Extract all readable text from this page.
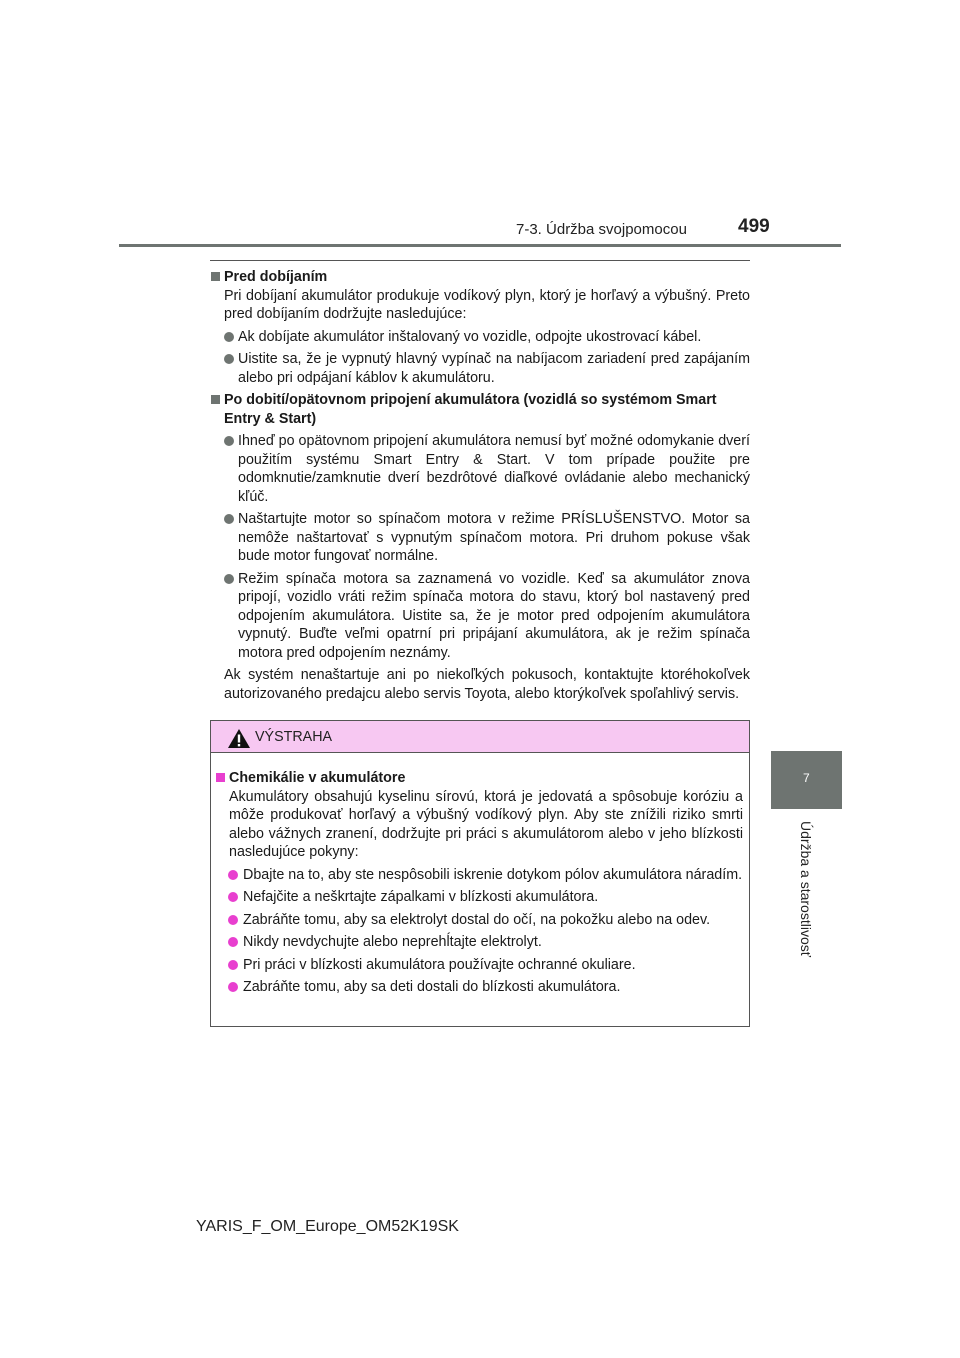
7-3. Údržba svojpomocou	499
7
Údržba a starostlivosť
Pred dobíjaním
Pri dobíjaní akumulátor produkuje vodíkový plyn, ktorý je horľavý a výbušný. Preto pred dobíjaním dodržujte nasledujúce:
Ak dobíjate akumulátor inštalovaný vo vozidle, odpojte ukostrovací kábel.
Uistite sa, že je vypnutý hlavný vypínač na nabíjacom zariadení pred zapájaním alebo pri odpájaní káblov k akumulátoru.
Po dobití/opätovnom pripojení akumulátora (vozidlá so systémom Smart Entry & Start)
Ihneď po opätovnom pripojení akumulátora nemusí byť možné odomykanie dverí použitím systému Smart Entry & Start. V tom prípade použite pre odomknutie/zamknutie dverí bezdrôtové diaľkové ovládanie alebo mechanický kľúč.
Naštartujte motor so spínačom motora v režime PRÍSLUŠENSTVO. Motor sa nemôže naštartovať s vypnutým spínačom motora. Pri druhom pokuse však bude motor fungovať normálne.
Režim spínača motora sa zaznamená vo vozidle. Keď sa akumulátor znova pripojí, vozidlo vráti režim spínača motora do stavu, ktorý bol nastavený pred odpojením akumulátora. Uistite sa, že je motor pred odpojením akumulátora vypnutý. Buďte veľmi opatrní pri pripájaní akumulátora, ak je režim spínača motora pred odpojením neznámy.
Ak systém nenaštartuje ani po niekoľkých pokusoch, kontaktujte ktoréhokoľvek autorizovaného predajcu alebo servis Toyota, alebo ktorýkoľvek spoľahlivý servis.
VÝSTRAHA
Chemikálie v akumulátore
Akumulátory obsahujú kyselinu sírovú, ktorá je jedovatá a spôsobuje koróziu a môže produkovať horľavý a výbušný vodíkový plyn. Aby ste znížili riziko smrti alebo vážnych zranení, dodržujte pri práci s akumulátorom alebo v jeho blízkosti nasledujúce pokyny:
Dbajte na to, aby ste nespôsobili iskrenie dotykom pólov akumulátora náradím.
Nefajčite a neškrtajte zápalkami v blízkosti akumulátora.
Zabráňte tomu, aby sa elektrolyt dostal do očí, na pokožku alebo na odev.
Nikdy nevdychujte alebo neprehĺtajte elektrolyt.
Pri práci v blízkosti akumulátora používajte ochranné okuliare.
Zabráňte tomu, aby sa deti dostali do blízkosti akumulátora.
YARIS_F_OM_Europe_OM52K19SK
